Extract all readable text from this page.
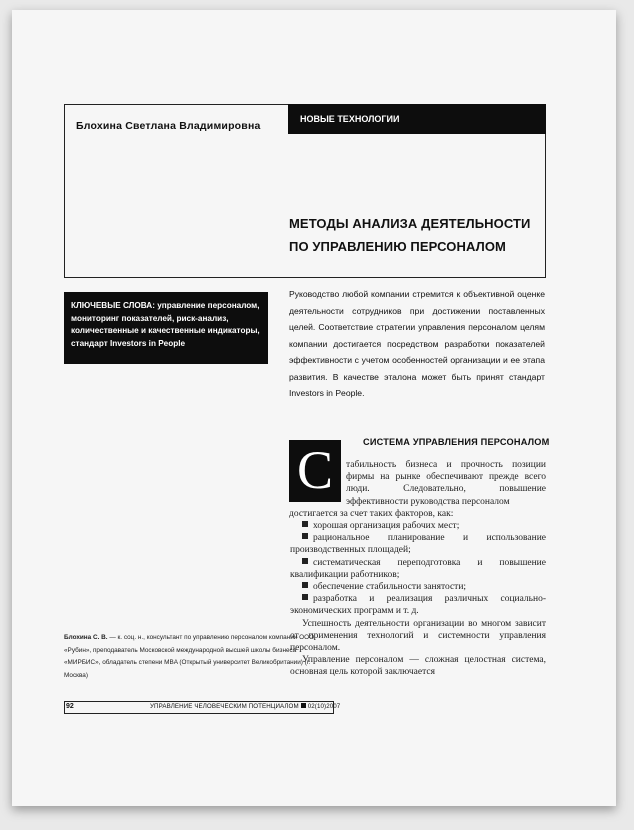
Блохина Светлана Владимировна
НОВЫЕ ТЕХНОЛОГИИ
МЕТОДЫ АНАЛИЗА ДЕЯТЕЛЬНОСТИ
ПО УПРАВЛЕНИЮ ПЕРСОНАЛОМ
КЛЮЧЕВЫЕ СЛОВА: управление персоналом, мониторинг показателей, риск-анализ, количественные и качественные индикаторы, стандарт Investors in People
Руководство любой компании стремится к объективной оценке деятельности сотрудников при достижении поставленных целей. Соответствие стратегии управления персоналом целям компании достигается посредством разработки показателей эффективности с учетом особенностей организации и ее этапа развития. В качестве эталона может быть принят стандарт Investors in People.
СИСТЕМА УПРАВЛЕНИЯ ПЕРСОНАЛОМ
С	табильность бизнеса и прочность позиции фирмы на рынке обеспечивают прежде всего люди. Следовательно, повышение эффективности руководства персоналом
достигается за счет таких факторов, как:
хорошая организация рабочих мест;
рациональное планирование и использование производственных площадей;
систематическая переподготовка и повышение квалификации работников;
обеспечение стабильности занятости;
разработка и реализация различных социально-экономических программ и т. д.
Успешность деятельности организации во многом зависит от применения технологий и системности управления персоналом.
Управление персоналом — сложная целостная система, основная цель которой заключается
Блохина С. В. — к. соц. н., консультант по управлению персоналом компании ООО «Рубин», преподаватель Московской международной высшей школы бизнеса «МИРБИС», обладатель степени MBA (Открытый университет Великобритании) (г. Москва)
92	УПРАВЛЕНИЕ ЧЕЛОВЕЧЕСКИМ ПОТЕНЦИАЛОМ 02(10)2007
